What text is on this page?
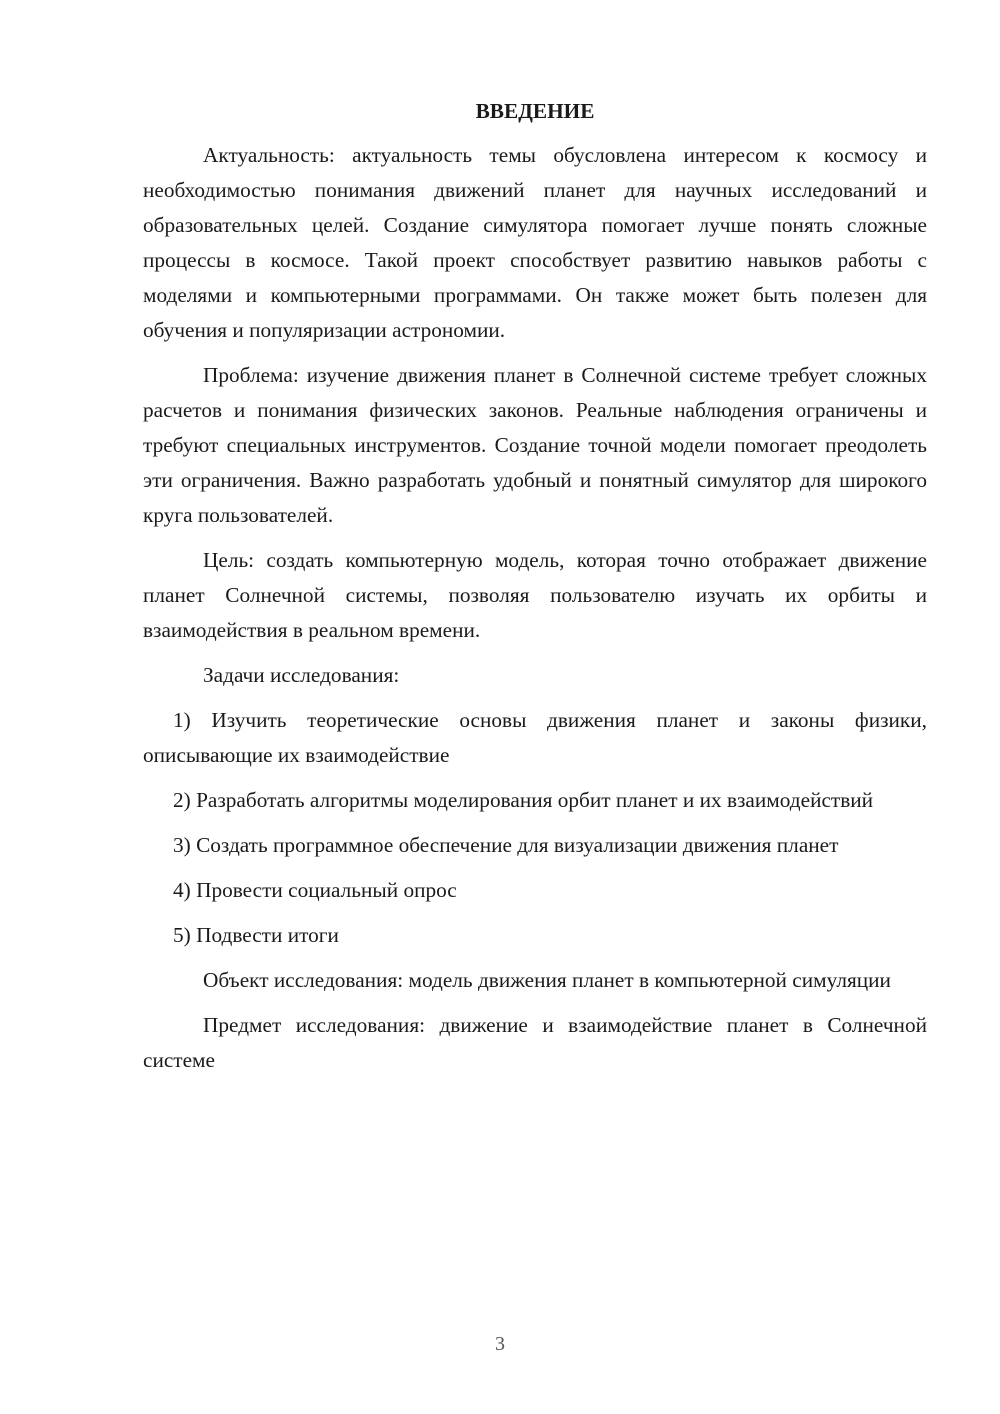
ВВЕДЕНИЕ

Актуальность: актуальность темы обусловлена интересом к космосу и необходимостью понимания движений планет для научных исследований и образовательных целей. Создание симулятора помогает лучше понять сложные процессы в космосе. Такой проект способствует развитию навыков работы с моделями и компьютерными программами. Он также может быть полезен для обучения и популяризации астрономии.

Проблема: изучение движения планет в Солнечной системе требует сложных расчетов и понимания физических законов. Реальные наблюдения ограничены и требуют специальных инструментов. Создание точной модели помогает преодолеть эти ограничения. Важно разработать удобный и понятный симулятор для широкого круга пользователей.

Цель: создать компьютерную модель, которая точно отображает движение планет Солнечной системы, позволяя пользователю изучать их орбиты и взаимодействия в реальном времени.

Задачи исследования:

1) Изучить теоретические основы движения планет и законы физики, описывающие их взаимодействие

2) Разработать алгоритмы моделирования орбит планет и их взаимодействий

3) Создать программное обеспечение для визуализации движения планет

4) Провести социальный опрос

5) Подвести итоги

Объект исследования: модель движения планет в компьютерной симуляции

Предмет исследования: движение и взаимодействие планет в Солнечной системе

3
